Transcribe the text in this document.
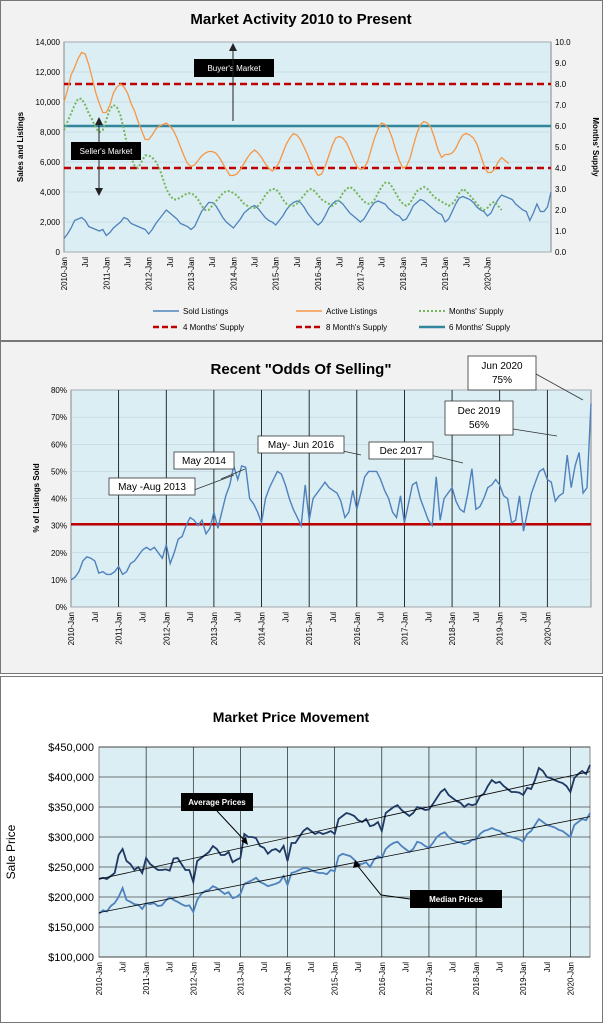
Market Activity 2010 to Present
0
2,000
4,000
6,000
8,000
10,000
12,000
14,000
0.0
1.0
2.0
3.0
4.0
5.0
6.0
7.0
8.0
9.0
10.0
2010-Jan Jul 2011-Jan Jul 2012-Jan Jul 2013-Jan Jul 2014-Jan Jul 2015-Jan Jul 2016-Jan Jul 2017-Jan Jul 2018-Jan Jul 2019-Jan Jul 2020-Jan
Sales and Listings	Months' Supply
Buyer's Market
Seller's Market
Sold Listings	Active Listings	Months' Supply
4 Months' Supply	8 Month's Supply	6 Months' Supply
Recent "Odds Of Selling"
0%
10%
20%
30%
40%
50%
60%
70%
80%
2010-Jan Jul 2011-Jan Jul 2012-Jan Jul 2013-Jan Jul 2014-Jan Jul 2015-Jan Jul 2016-Jan Jul 2017-Jan Jul 2018-Jan Jul 2019-Jan Jul 2020-Jan
% of Listings Sold	May -Aug 2013
May 2014
May- Jun 2016
Dec 2017
Dec 2019
56%
Jun 2020
75%
Market Price Movement
$100,000
$150,000
$200,000
$250,000
$300,000
$350,000
$400,000
$450,000
2010-Jan Jul 2011-Jan Jul 2012-Jan Jul 2013-Jan Jul 2014-Jan Jul 2015-Jan Jul 2016-Jan Jul 2017-Jan Jul 2018-Jan Jul 2019-Jan Jul 2020-Jan
Sale Price
Average Prices
Median Prices
